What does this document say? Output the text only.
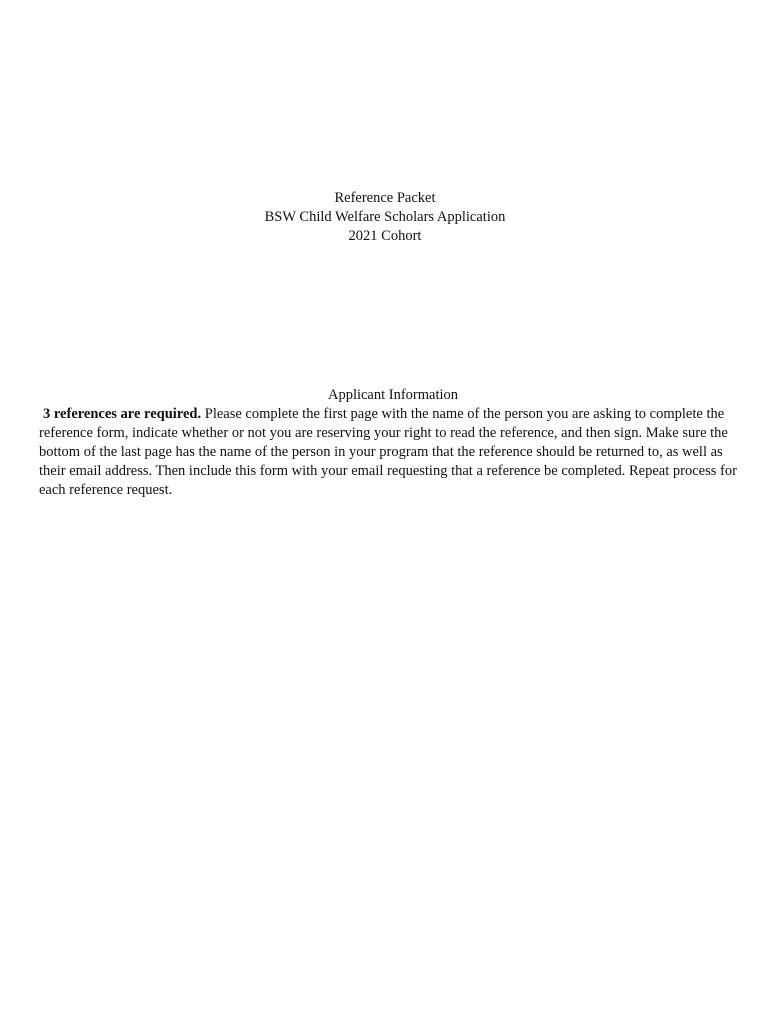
Reference Packet
BSW Child Welfare Scholars Application
2021 Cohort
Applicant Information
3 references are required. Please complete the first page with the name of the person you are asking to complete the reference form, indicate whether or not you are reserving your right to read the reference, and then sign. Make sure the bottom of the last page has the name of the person in your program that the reference should be returned to, as well as their email address. Then include this form with your email requesting that a reference be completed. Repeat process for each reference request.
